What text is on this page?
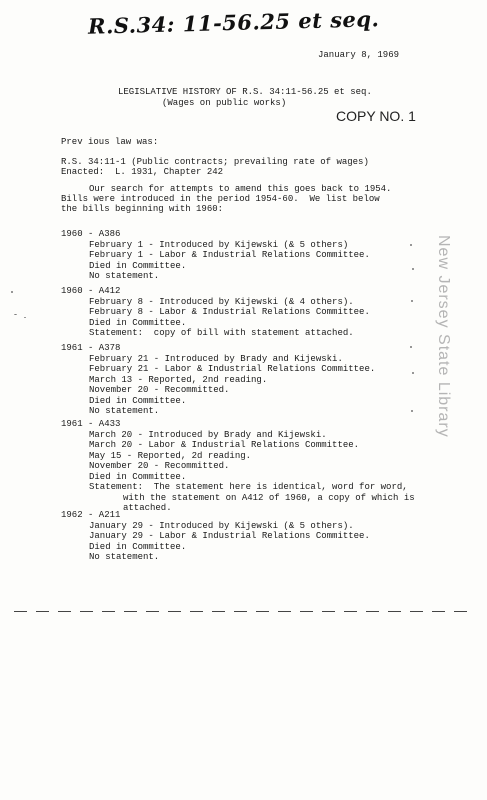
R.S.34: 11-56.25 et seq.
January 8, 1969
LEGISLATIVE HISTORY OF R.S. 34:11-56.25 et seq.
(Wages on public works)
COPY NO. 1
Prev ious law was:
R.S. 34:11-1 (Public contracts; prevailing rate of wages)
Enacted:  L. 1931, Chapter 242
Our search for attempts to amend this goes back to 1954.
Bills were introduced in the period 1954-60.  We list below
the bills beginning with 1960:
1960 - A386
February 1 - Introduced by Kijewski (& 5 others)
February 1 - Labor & Industrial Relations Committee.
Died in Committee.
No statement.
1960 - A412
February 8 - Introduced by Kijewski (& 4 others).
February 8 - Labor & Industrial Relations Committee.
Died in Committee.
Statement:  copy of bill with statement attached.
1961 - A378
February 21 - Introduced by Brady and Kijewski.
February 21 - Labor & Industrial Relations Committee.
March 13 - Reported, 2nd reading.
November 20 - Recommitted.
Died in Committee.
No statement.
1961 - A433
March 20 - Introduced by Brady and Kijewski.
March 20 - Labor & Industrial Relations Committee.
May 15 - Reported, 2d reading.
November 20 - Recommitted.
Died in Committee.
Statement:  The statement here is identical, word for word,
with the statement on A412 of 1960, a copy of which is
attached.
1962 - A211
January 29 - Introduced by Kijewski (& 5 others).
January 29 - Labor & Industrial Relations Committee.
Died in Committee.
No statement.
New Jersey State Library
